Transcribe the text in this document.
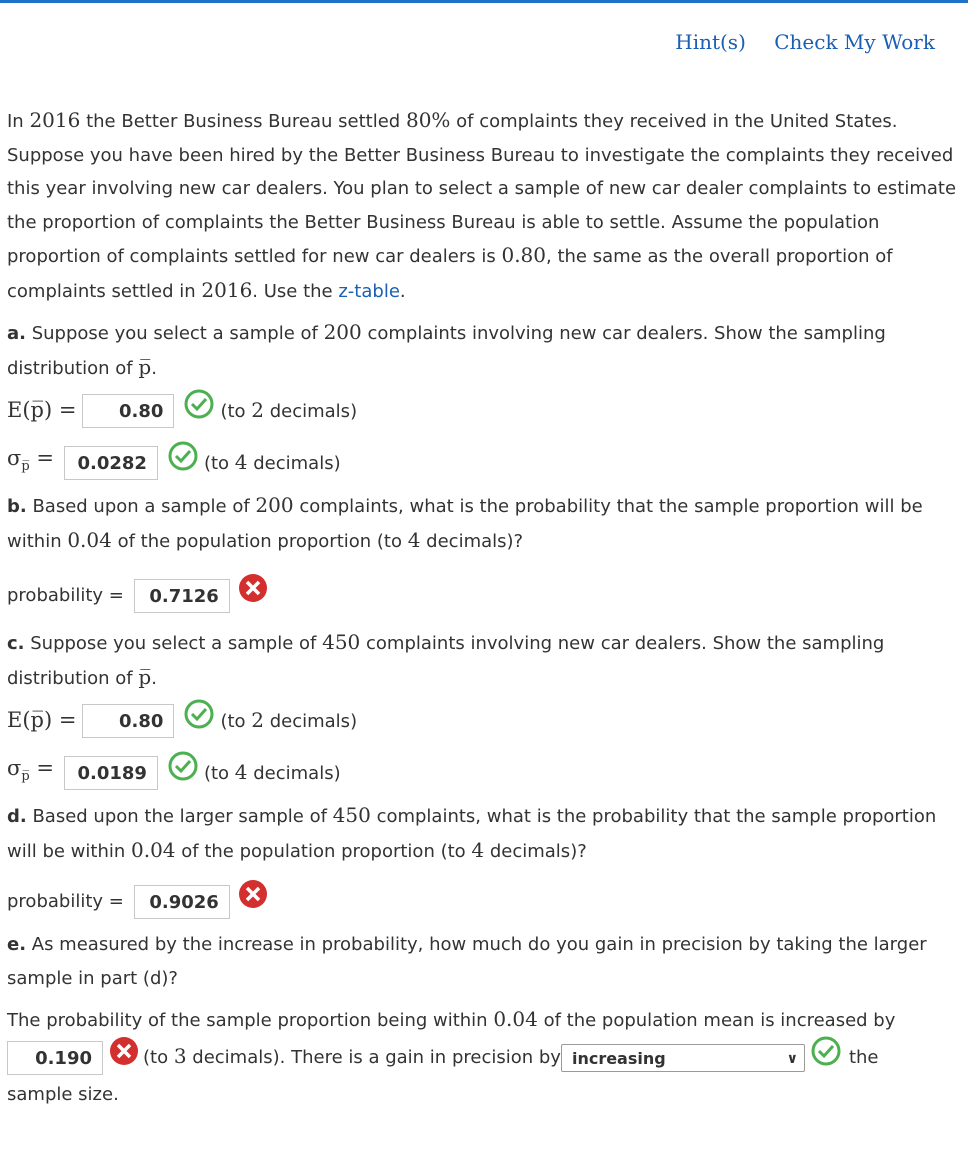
Hint(s) Check My Work

In 2016 the Better Business Bureau settled 80% of complaints they received in the United States. Suppose you have been hired by the Better Business Bureau to investigate the complaints they received this year involving new car dealers. You plan to select a sample of new car dealer complaints to estimate the proportion of complaints the Better Business Bureau is able to settle. Assume the population proportion of complaints settled for new car dealers is 0.80, the same as the overall proportion of complaints settled in 2016. Use the z-table.

a. Suppose you select a sample of 200 complaints involving new car dealers. Show the sampling distribution of p̅.

E(p̅) =	0.80	(to 2 decimals)
$\sigma_{p̅}$ =	0.0282	(to 4 decimals)

b. Based upon a sample of 200 complaints, what is the probability that the sample proportion will be within 0.04 of the population proportion (to 4 decimals)?

probability =	0.7126

c. Suppose you select a sample of 450 complaints involving new car dealers. Show the sampling distribution of p̅.

E(p̅) =	0.80	(to 2 decimals)
$\sigma_{p̅}$ =	0.0189	(to 4 decimals)

d. Based upon the larger sample of 450 complaints, what is the probability that the sample proportion will be within 0.04 of the population proportion (to 4 decimals)?

probability =	0.9026

e. As measured by the increase in probability, how much do you gain in precision by taking the larger sample in part (d)?

The probability of the sample proportion being within 0.04 of the population mean is increased by

0.190	(to 3 decimals). There is a gain in precision by increasing	∨	the

sample size.
